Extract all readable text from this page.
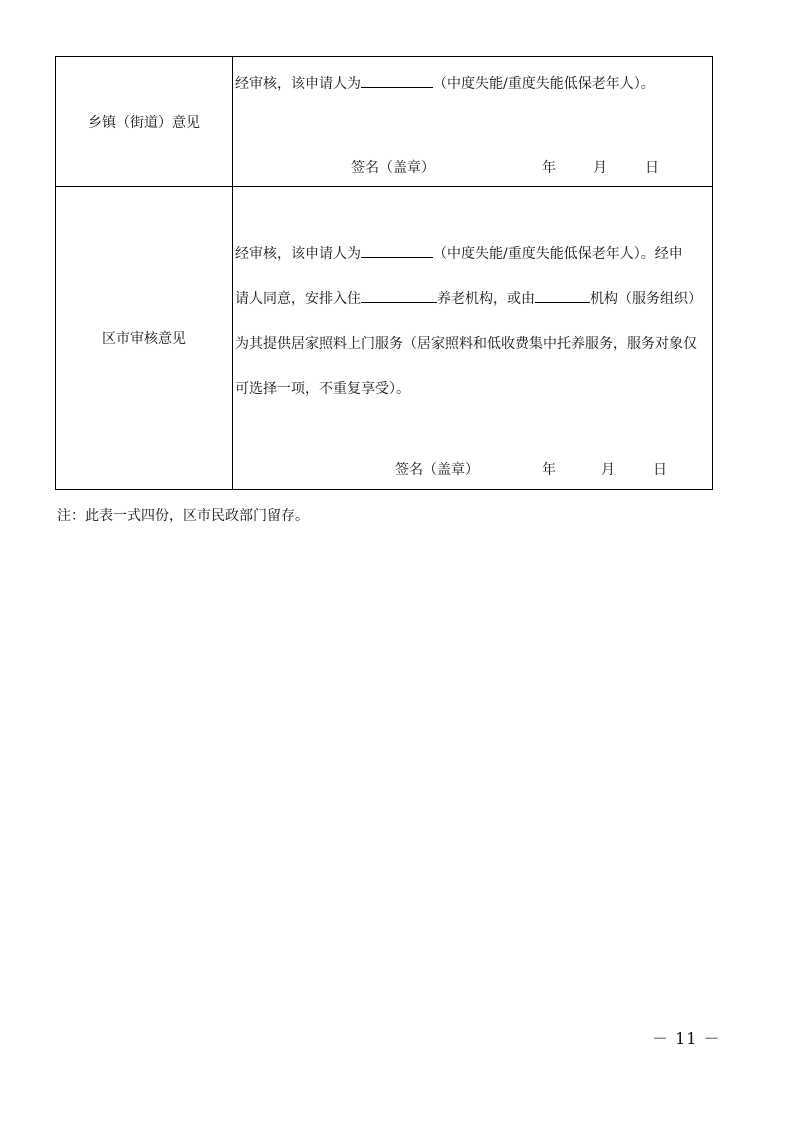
乡镇（街道）意见
经审核，该申请人为	（中度失能/重度失能低保老年人）。
签名（盖章）	年	月	日
区市审核意见
经审核，该申请人为	（中度失能/重度失能低保老年人）。经申
请人同意，安排入住	养老机构，或由	机构（服务组织）
为其提供居家照料上门服务（居家照料和低收费集中托养服务，服务对象仅
可选择一项，不重复享受）。
签名（盖章）	年	月	日
注：此表一式四份，区市民政部门留存。
－ 11 －
